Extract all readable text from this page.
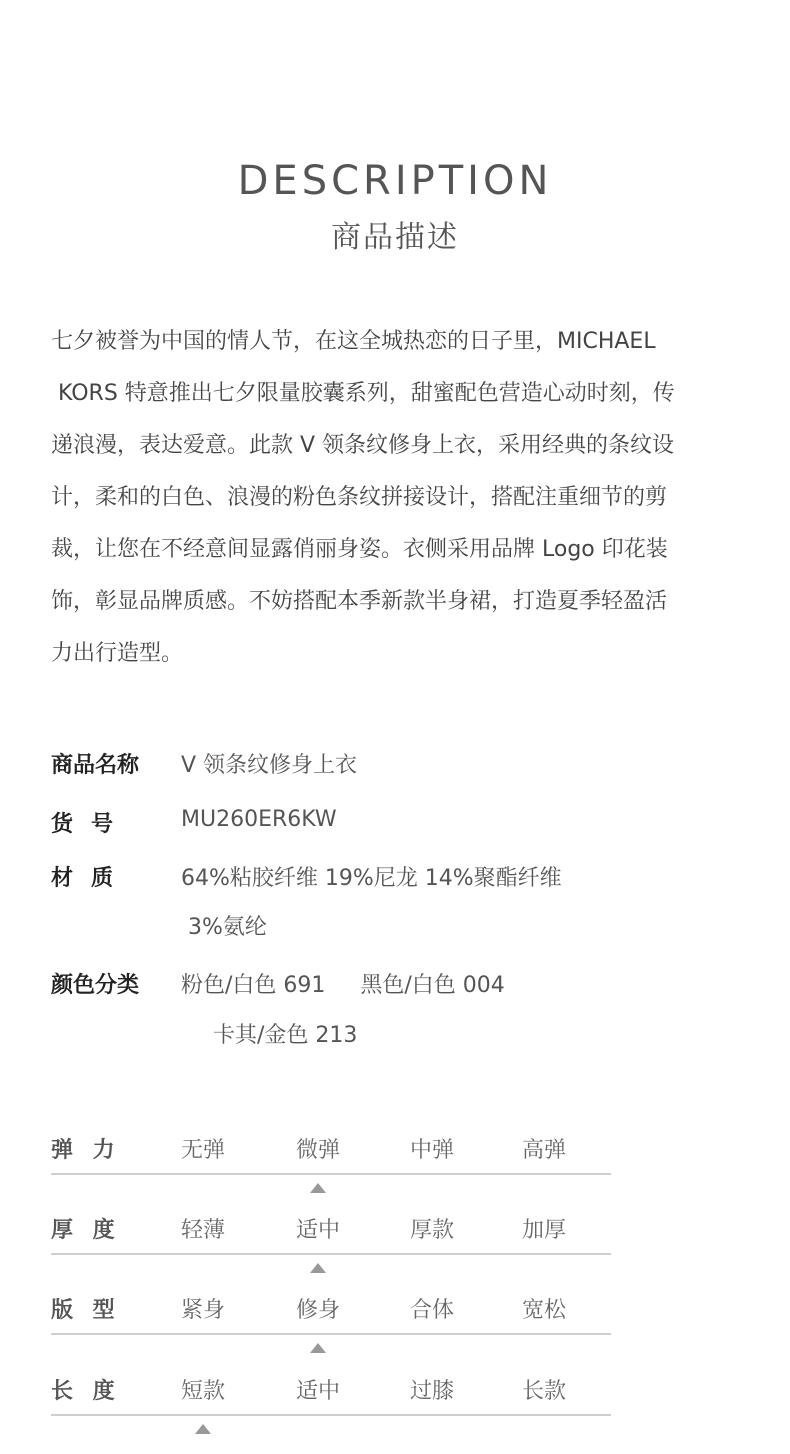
DESCRIPTION
商品描述
七夕被誉为中国的情人节，在这全城热恋的日子里，MICHAEL
KORS 特意推出七夕限量胶囊系列，甜蜜配色营造心动时刻，传
递浪漫，表达爱意。此款 V 领条纹修身上衣，采用经典的条纹设
计，柔和的白色、浪漫的粉色条纹拼接设计，搭配注重细节的剪
裁，让您在不经意间显露俏丽身姿。衣侧采用品牌 Logo 印花装
饰，彰显品牌质感。不妨搭配本季新款半身裙，打造夏季轻盈活
力出行造型。
商品名称 V 领条纹修身上衣
货号 MU260ER6KW
材质 64%粘胶纤维 19%尼龙 14%聚酯纤维
3%氨纶
颜色分类 粉色/白色 691     黑色/白色 004
卡其/金色 213
弹 力	无弹	微弹	中弹	高弹
厚 度	轻薄	适中	厚款	加厚
版 型	紧身	修身	合体	宽松
长 度	短款	适中	过膝	长款
